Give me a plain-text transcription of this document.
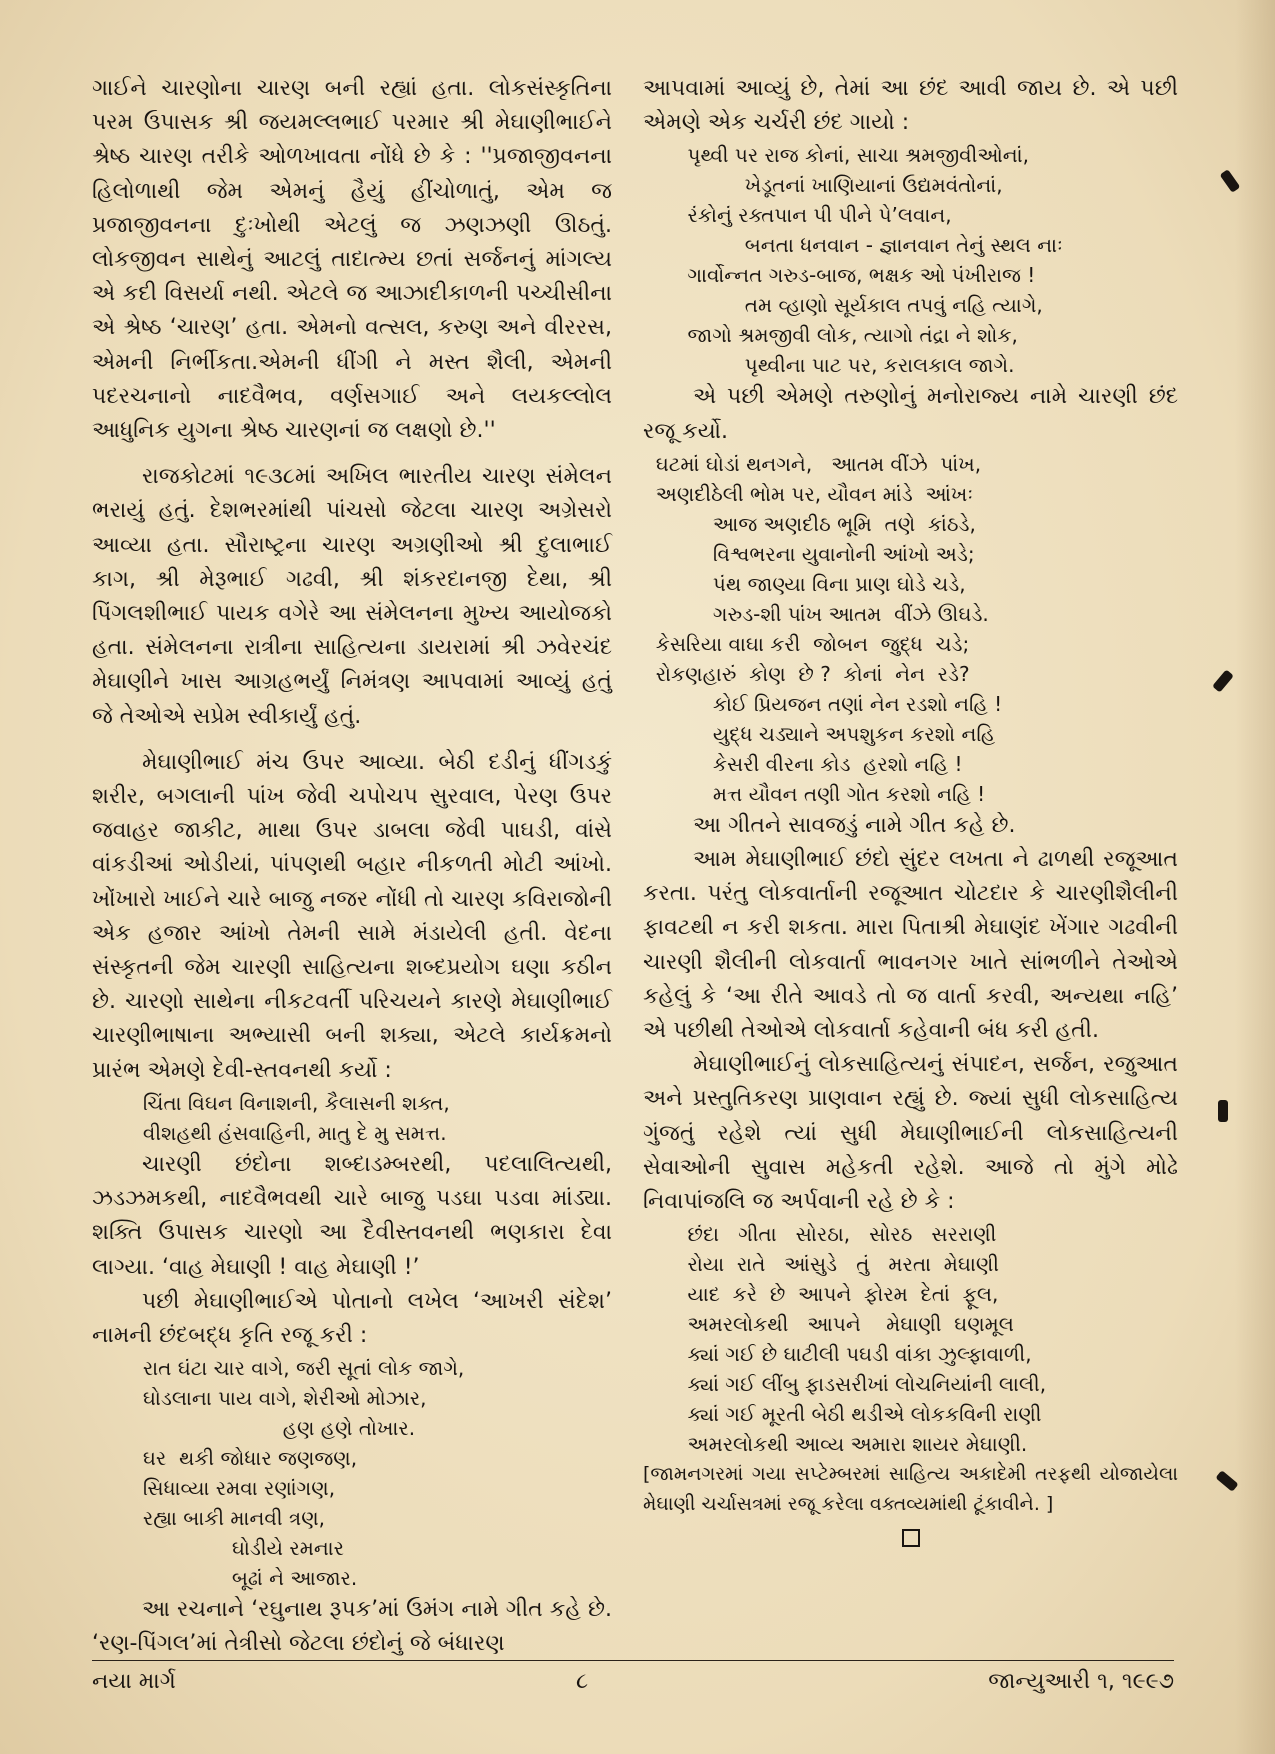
ગાઈને ચારણોના ચારણ બની રહ્યાં હતા. લોકસંસ્કૃતિના પરમ ઉપાસક શ્રી જયમલ્લભાઈ પરમાર શ્રી મેઘાણીભાઈને શ્રેષ્ઠ ચારણ તરીકે ઓળખાવતા નોંધે છે કે : ''પ્રજાજીવનના હિલોળાથી જેમ એમનું હૈયું હીંચોળાતું, એમ જ પ્રજાજીવનના દુઃખોથી એટલું જ ઝણઝણી ઊઠતું. લોકજીવન સાથેનું આટલું તાદાત્મ્ય છતાં સર્જનનું માંગલ્ય એ કદી વિસર્યા નથી. એટલે જ આઝાદીકાળની પચ્ચીસીના એ શ્રેષ્ઠ ‘ચારણ’ હતા. એમનો વત્સલ, કરુણ અને વીરરસ, એમની નિર્ભીકતા.એમની ધીંગી ને મસ્ત શૈલી, એમની પદરચનાનો નાદવૈભવ, વર્ણસગાઈ અને લયકલ્લોલ આધુનિક યુગના શ્રેષ્ઠ ચારણનાં જ લક્ષણો છે.''

રાજકોટમાં ૧૯૩૮માં અખિલ ભારતીય ચારણ સંમેલન ભરાયું હતું. દેશભરમાંથી પાંચસો જેટલા ચારણ અગ્રેસરો આવ્યા હતા. સૌરાષ્ટ્રના ચારણ અગ્રણીઓ શ્રી દુલાભાઈ કાગ, શ્રી મેરૂભાઈ ગઢવી, શ્રી શંકરદાનજી દેથા, શ્રી પિંગલશીભાઈ પાયક વગેરે આ સંમેલનના મુખ્ય આયોજકો હતા. સંમેલનના રાત્રીના સાહિત્યના ડાયરામાં શ્રી ઝવેરચંદ મેઘાણીને ખાસ આગ્રહભર્યું નિમંત્રણ આપવામાં આવ્યું હતું જે તેઓએ સપ્રેમ સ્વીકાર્યું હતું.

મેઘાણીભાઈ મંચ ઉપર આવ્યા. બેઠી દડીનું ધીંગડકું શરીર, બગલાની પાંખ જેવી ચપોચપ સુરવાલ, પેરણ ઉપર જવાહર જાકીટ, માથા ઉપર ડાબલા જેવી પાઘડી, વાંસે વાંકડીઆં ઓડીયાં, પાંપણથી બહાર નીકળતી મોટી આંખો. ખોંખારો ખાઈને ચારે બાજુ નજર નોંધી તો ચારણ કવિરાજોની એક હજાર આંખો તેમની સામે મંડાયેલી હતી. વેદના સંસ્કૃતની જેમ ચારણી સાહિત્યના શબ્દપ્રયોગ ઘણા કઠીન છે. ચારણો સાથેના નીકટવર્તી પરિચયને કારણે મેઘાણીભાઈ ચારણીભાષાના અભ્યાસી બની શક્યા, એટલે કાર્યક્રમનો પ્રારંભ એમણે દેવી-સ્તવનથી કર્યો :

ચિંતા વિઘન વિનાશની, કૈલાસની શક્ત,
વીશહથી હંસવાહિની, માતુ દે મુ સમત્ત.

ચારણી છંદોના શબ્દાડમ્બરથી, પદલાલિત્યથી, ઝડઝમકથી, નાદવૈભવથી ચારે બાજુ પડઘા પડવા માંડ્યા. શક્તિ ઉપાસક ચારણો આ દૈવીસ્તવનથી ભણકારા દેવા લાગ્યા. ‘વાહ મેઘાણી ! વાહ મેઘાણી !’

પછી મેઘાણીભાઈએ પોતાનો લખેલ ‘આખરી સંદેશ’ નામની છંદબદ્ધ કૃતિ રજૂ કરી :

રાત ઘંટા ચાર વાગે, જરી સૂતાં લોક જાગે,
ઘોડલાના પાય વાગે, શેરીઓ મોઝાર,
હણ હણે તોખાર.
ઘર  થકી જોધાર જણજણ,
સિધાવ્યા રમવા રણાંગણ,
રહ્યા બાકી માનવી ત્રણ,
ઘોડીયે રમનાર
બૂઢાં ને આજાર.

આ રચનાને ‘રઘુનાથ રૂપક’માં ઉમંગ નામે ગીત કહે છે. ‘રણ-પિંગલ’માં તેત્રીસો જેટલા છંદોનું જે બંધારણ

આપવામાં આવ્યું છે, તેમાં આ છંદ આવી જાય છે. એ પછી એમણે એક ચર્ચરી છંદ ગાયો :

પૃથ્વી પર રાજ કોનાં, સાચા શ્રમજીવીઓનાં,
ખેડૂતનાં ખાણિયાનાં ઉદ્યમવંતોનાં,
રંકોનું રક્તપાન પી પીને પે’લવાન,
બનતા ધનવાન - જ્ઞાનવાન તેનું સ્થલ નાઃ
ગાર્વોન્નત ગરુડ-બાજ, ભક્ષક ઓ પંખીરાજ !
તમ વ્હાણો સૂર્યકાલ તપવું નહિ ત્યાગે,
જાગો શ્રમજીવી લોક, ત્યાગો તંદ્રા ને શોક,
પૃથ્વીના પાટ પર, કરાલકાલ જાગે.

એ પછી એમણે તરુણોનું મનોરાજ્ય નામે ચારણી છંદ રજૂ કર્યો.

ઘટમાં ઘોડાં થનગને,   આતમ વીંઝે  પાંખ,
અણદીઠેલી ભોમ પર, યૌવન માંડે  આંખઃ
આજ અણદીઠ ભૂમિ  તણે  કાંઠડે,
વિશ્વભરના યુવાનોની આંખો અડે;
પંથ જાણ્યા વિના પ્રાણ ઘોડે ચડે,
ગરુડ-શી પાંખ આતમ  વીંઝે ઊઘડે.
કેસરિયા વાઘા કરી  જોબન  જુદ્ધ  ચડે;
રોકણહારું  કોણ  છે ?  કોનાં  નેન  રડે?
કોઈ પ્રિયજન તણાં નેન રડશો નહિ !
યુદ્ધ ચડ્યાને અપશુકન કરશો નહિ
કેસરી વીરના કોડ  હરશો નહિ !
મત્ત યૌવન તણી ગોત કરશો નહિ !

આ ગીતને સાવજડું નામે ગીત કહે છે.

આમ મેઘાણીભાઈ છંદો સુંદર લખતા ને ઢાળથી રજૂઆત કરતા. પરંતુ લોકવાર્તાની રજૂઆત ચોટદાર કે ચારણીશૈલીની ફાવટથી ન કરી શકતા. મારા પિતાશ્રી મેઘાણંદ ખેંગાર ગઢવીની ચારણી શૈલીની લોકવાર્તા ભાવનગર ખાતે સાંભળીને તેઓએ કહેલું કે ‘આ રીતે આવડે તો જ વાર્તા કરવી, અન્યથા નહિ’ એ પછીથી તેઓએ લોકવાર્તા કહેવાની બંધ કરી હતી.

મેઘાણીભાઈનું લોકસાહિત્યનું સંપાદન, સર્જન, રજુઆત અને પ્રસ્તુતિકરણ પ્રાણવાન રહ્યું છે. જ્યાં સુધી લોકસાહિત્ય ગુંજતું રહેશે ત્યાં સુધી મેઘાણીભાઈની લોકસાહિત્યની સેવાઓની સુવાસ મહેકતી રહેશે. આજે તો મુંગે મોઢે નિવાપાંજલિ જ અર્પવાની રહે છે કે :

છંદા   ગીતા   સોરઠા,   સોરઠ   સરરાણી
રોયા  રાતે   આંસુડે   તું   મરતા  મેઘાણી
યાદ  કરે  છે  આપને  ફોરમ  દેતાં  ફૂલ,
અમરલોકથી   આપને    મેઘાણી  ઘણમૂલ
ક્યાં ગઈ છે ઘાટીલી પઘડી વાંકા ઝુલ્ફાવાળી,
ક્યાં ગઈ લીંબુ ફાડસરીખાં લોચનિયાંની લાલી,
ક્યાં ગઈ મૂરતી બેઠી થડીએ લોકકવિની રાણી
અમરલોકથી આવ્ય અમારા શાયર મેઘાણી.

[જામનગરમાં ગયા સપ્ટેમ્બરમાં સાહિત્ય અકાદેમી તરફથી યોજાયેલા મેઘાણી ચર્ચાસત્રમાં રજૂ કરેલા વક્તવ્યમાંથી ટૂંકાવીને. ]

નયા માર્ગ	૮	જાન્યુઆરી ૧, ૧૯૯૭
